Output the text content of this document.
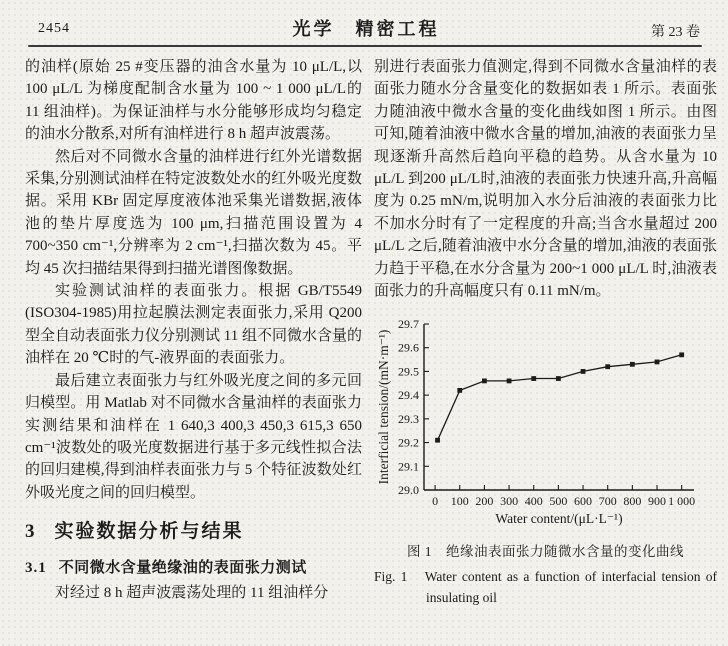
2454	光学　精密工程	第 23 卷

的油样(原始 25 #变压器的油含水量为 10 μL/L,以 100 μL/L 为梯度配制含水量为 100 ~ 1 000 μL/L的 11 组油样)。为保证油样与水分能够形成均匀稳定的油水分散系,对所有油样进行 8 h 超声波震荡。

然后对不同微水含量的油样进行红外光谱数据采集,分别测试油样在特定波数处水的红外吸光度数据。采用 KBr 固定厚度液体池采集光谱数据,液体池的垫片厚度选为 100 μm,扫描范围设置为 4 700~350 cm⁻¹,分辨率为 2 cm⁻¹,扫描次数为 45。平均 45 次扫描结果得到扫描光谱图像数据。

实验测试油样的表面张力。根据 GB/T5549 (ISO304-1985)用拉起膜法测定表面张力,采用 Q200 型全自动表面张力仪分别测试 11 组不同微水含量的油样在 20 ℃时的气-液界面的表面张力。

最后建立表面张力与红外吸光度之间的多元回归模型。用 Matlab 对不同微水含量油样的表面张力实测结果和油样在 1 640,3 400,3 450,3 615,3 650 cm⁻¹波数处的吸光度数据进行基于多元线性拟合法的回归建模,得到油样表面张力与 5 个特征波数处红外吸光度之间的回归模型。

3 实验数据分析与结果
3.1 不同微水含量绝缘油的表面张力测试

对经过 8 h 超声波震荡处理的 11 组油样分

别进行表面张力值测定,得到不同微水含量油样的表面张力随水分含量变化的数据如表 1 所示。表面张力随油液中微水含量的变化曲线如图 1 所示。由图可知,随着油液中微水含量的增加,油液的表面张力呈现逐渐升高然后趋向平稳的趋势。从含水量为 10 μL/L 到200 μL/L时,油液的表面张力快速升高,升高幅度为 0.25 mN/m,说明加入水分后油液的表面张力比不加水分时有了一定程度的升高;当含水量超过 200 μL/L 之后,随着油液中水分含量的增加,油液的表面张力趋于平稳,在水分含量为 200~1 000 μL/L 时,油液表面张力的升高幅度只有 0.11 mN/m。

29.0
29.1
29.2
29.3
29.4
29.5
29.6
29.7
0 100 200 300 400 500 600 700 800 900 1 000
Water content/(μL·L⁻¹)
Interficial tension/(mN·m⁻¹)
图 1　绝缘油表面张力随微水含量的变化曲线
Fig. 1　Water content as a function of interfacial tension of insulating oil
